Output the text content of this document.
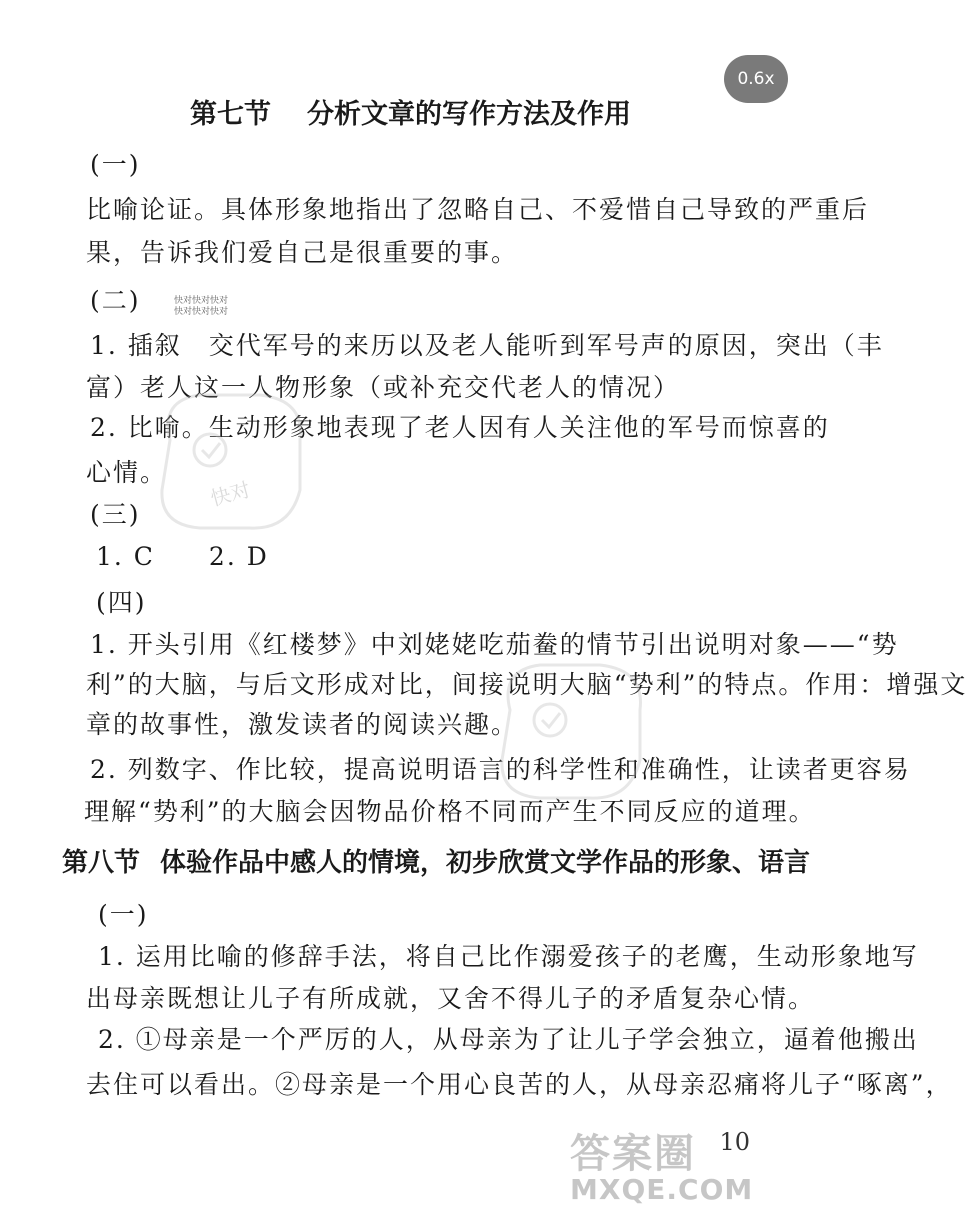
0.6x
第七节 分析文章的写作方法及作用
(一)
比喻论证。具体形象地指出了忽略自己、不爱惜自己导致的严重后
果，告诉我们爱自己是很重要的事。
(二)
1. 插叙　交代军号的来历以及老人能听到军号声的原因，突出（丰
富）老人这一人物形象（或补充交代老人的情况）
2. 比喻。生动形象地表现了老人因有人关注他的军号而惊喜的
心情。
(三)
1. C　　2. D
(四)
1. 开头引用《红楼梦》中刘姥姥吃茄鲞的情节引出说明对象——“势
利”的大脑，与后文形成对比，间接说明大脑“势利”的特点。作用：增强文
章的故事性，激发读者的阅读兴趣。
2. 列数字、作比较，提高说明语言的科学性和准确性，让读者更容易
理解“势利”的大脑会因物品价格不同而产生不同反应的道理。
第八节 体验作品中感人的情境，初步欣赏文学作品的形象、语言
(一)
1. 运用比喻的修辞手法，将自己比作溺爱孩子的老鹰，生动形象地写
出母亲既想让儿子有所成就，又舍不得儿子的矛盾复杂心情。
2. ①母亲是一个严厉的人，从母亲为了让儿子学会独立，逼着他搬出
去住可以看出。②母亲是一个用心良苦的人，从母亲忍痛将儿子“啄离”，
快对快对快对
快对快对快对
快对
10
答案圈
MXQE.COM
